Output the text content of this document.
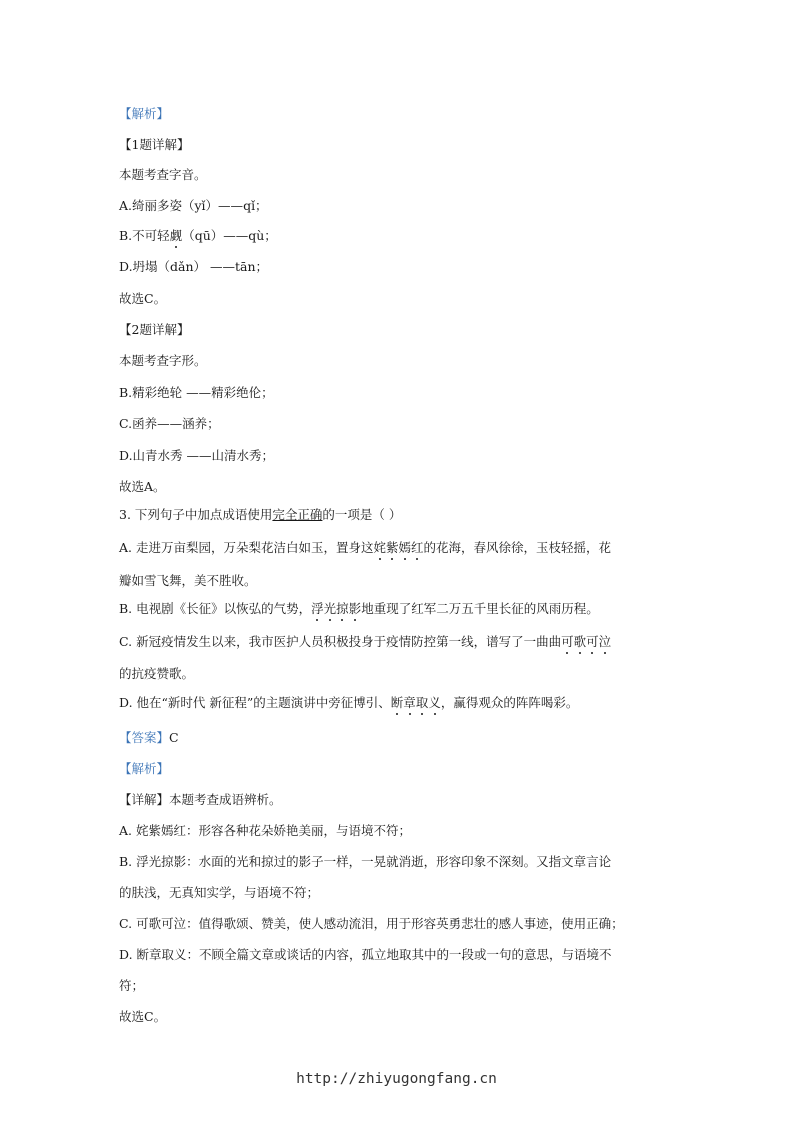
【解析】
【1题详解】
本题考查字音。
A.绮丽多姿（yǐ）——qǐ；
B.不可轻觑（qū）——qù；
D.坍塌（dǎn） ——tān；
故选C。
【2题详解】
本题考查字形。
B.精彩绝轮 ——精彩绝伦；
C.函养——涵养；
D.山青水秀 ——山清水秀；
故选A。
3. 下列句子中加点成语使用完全正确的一项是（ ）
A. 走进万亩梨园，万朵梨花洁白如玉，置身这姹紫嫣红的花海，春风徐徐，玉枝轻摇，花
瓣如雪飞舞，美不胜收。
B. 电视剧《长征》以恢弘的气势，浮光掠影地重现了红军二万五千里长征的风雨历程。
C. 新冠疫情发生以来，我市医护人员积极投身于疫情防控第一线，谱写了一曲曲可歌可泣
的抗疫赞歌。
D. 他在“新时代 新征程”的主题演讲中旁征博引、断章取义，赢得观众的阵阵喝彩。
【答案】C
【解析】
【详解】本题考查成语辨析。
A. 姹紫嫣红：形容各种花朵娇艳美丽，与语境不符；
B. 浮光掠影：水面的光和掠过的影子一样，一晃就消逝，形容印象不深刻。又指文章言论
的肤浅，无真知实学，与语境不符；
C. 可歌可泣：值得歌颂、赞美，使人感动流泪，用于形容英勇悲壮的感人事迹，使用正确；
D. 断章取义：不顾全篇文章或谈话的内容，孤立地取其中的一段或一句的意思，与语境不
符；
故选C。
http://zhiyugongfang.cn
